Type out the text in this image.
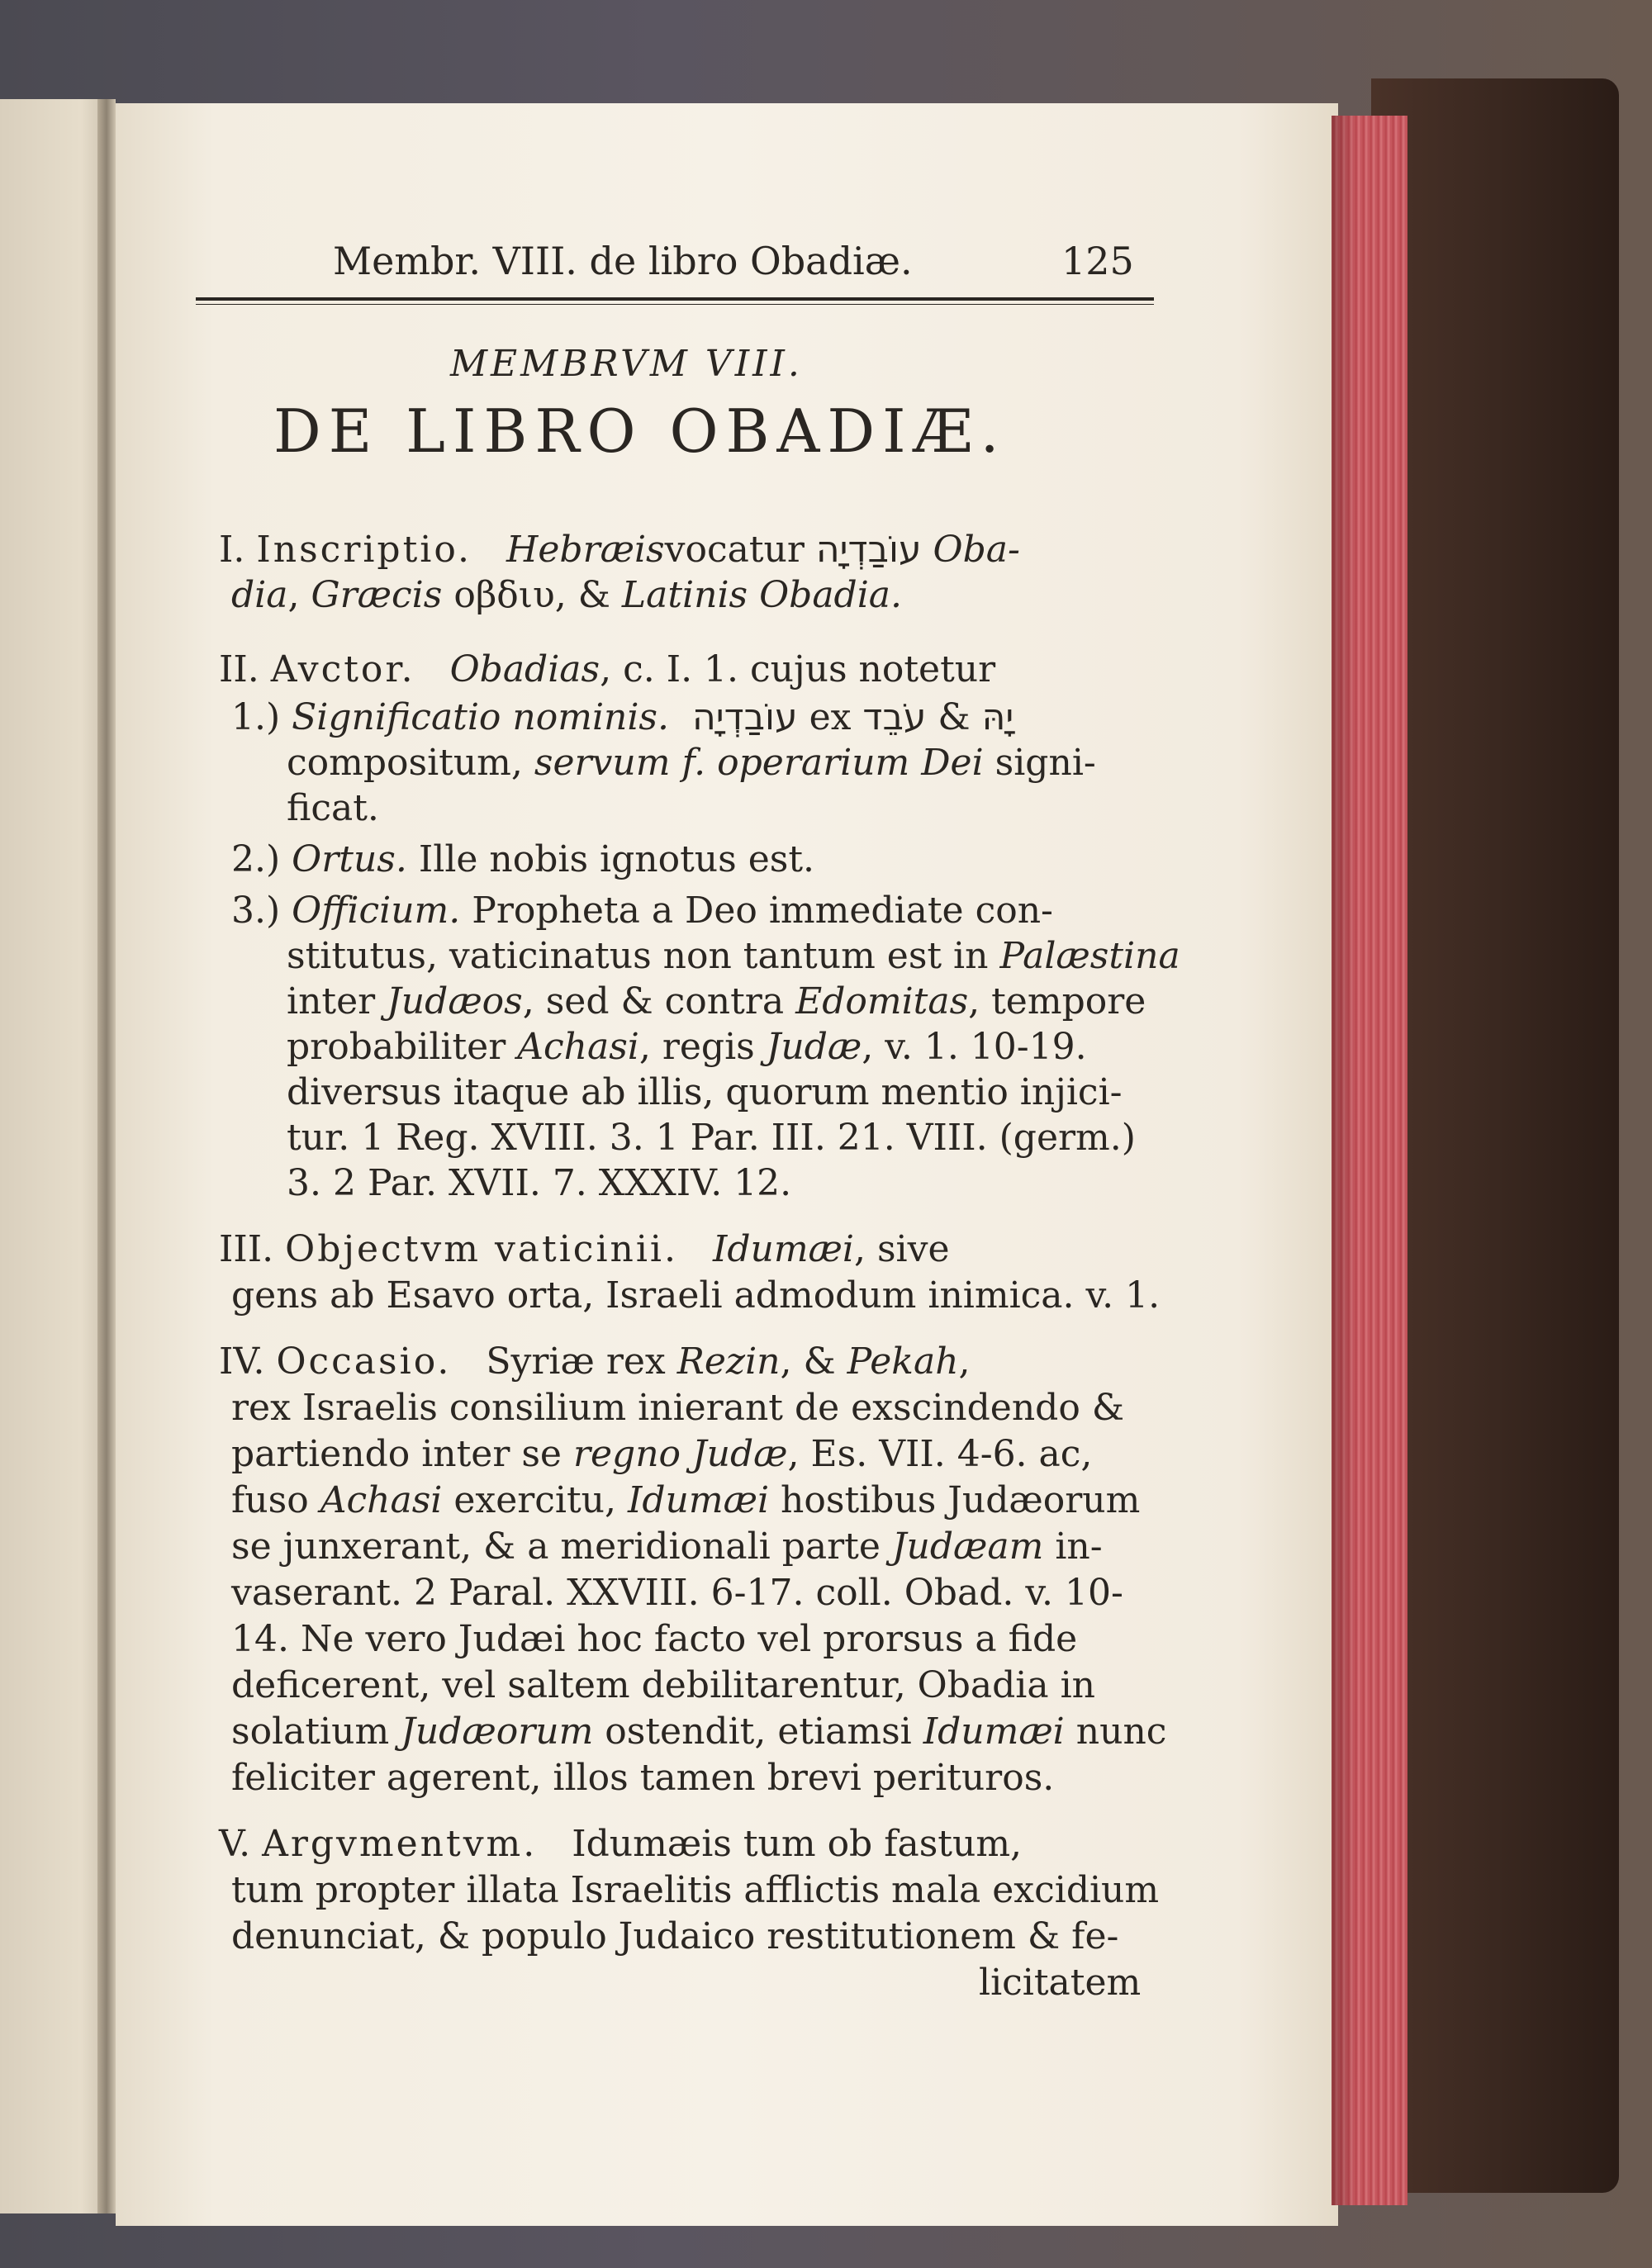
Membr. VIII. de libro Obadiæ.	125
MEMBRVM VIII.
DE LIBRO OBADIÆ.
I. Inscriptio. Hebræisvocatur עוֹבַדְיָה Oba-
dia, Græcis οβδιυ, & Latinis Obadia.
II. Avctor. Obadias, c. I. 1. cujus notetur
1.) Significatio nominis. עוֹבַדְיָה ex עֹבֵד & יָהּ
compositum, servum f. operarium Dei signi-
ficat.
2.) Ortus. Ille nobis ignotus est.
3.) Officium. Propheta a Deo immediate con-
stitutus, vaticinatus non tantum est in Palæstina
inter Judæos, sed & contra Edomitas, tempore
probabiliter Achasi, regis Judæ, v. 1. 10-19.
diversus itaque ab illis, quorum mentio injici-
tur. 1 Reg. XVIII. 3. 1 Par. III. 21. VIII. (germ.)
3. 2 Par. XVII. 7. XXXIV. 12.
III. Objectvm vaticinii. Idumæi, sive
gens ab Esavo orta, Israeli admodum inimica. v. 1.
IV. Occasio. Syriæ rex Rezin, & Pekah,
rex Israelis consilium inierant de exscindendo &
partiendo inter se regno Judæ, Es. VII. 4-6. ac,
fuso Achasi exercitu, Idumæi hostibus Judæorum
se junxerant, & a meridionali parte Judæam in-
vaserant. 2 Paral. XXVIII. 6-17. coll. Obad. v. 10-
14. Ne vero Judæi hoc facto vel prorsus a fide
deficerent, vel saltem debilitarentur, Obadia in
solatium Judæorum ostendit, etiamsi Idumæi nunc
feliciter agerent, illos tamen brevi perituros.
V. Argvmentvm. Idumæis tum ob fastum,
tum propter illata Israelitis afflictis mala excidium
denunciat, & populo Judaico restitutionem & fe-
licitatem
